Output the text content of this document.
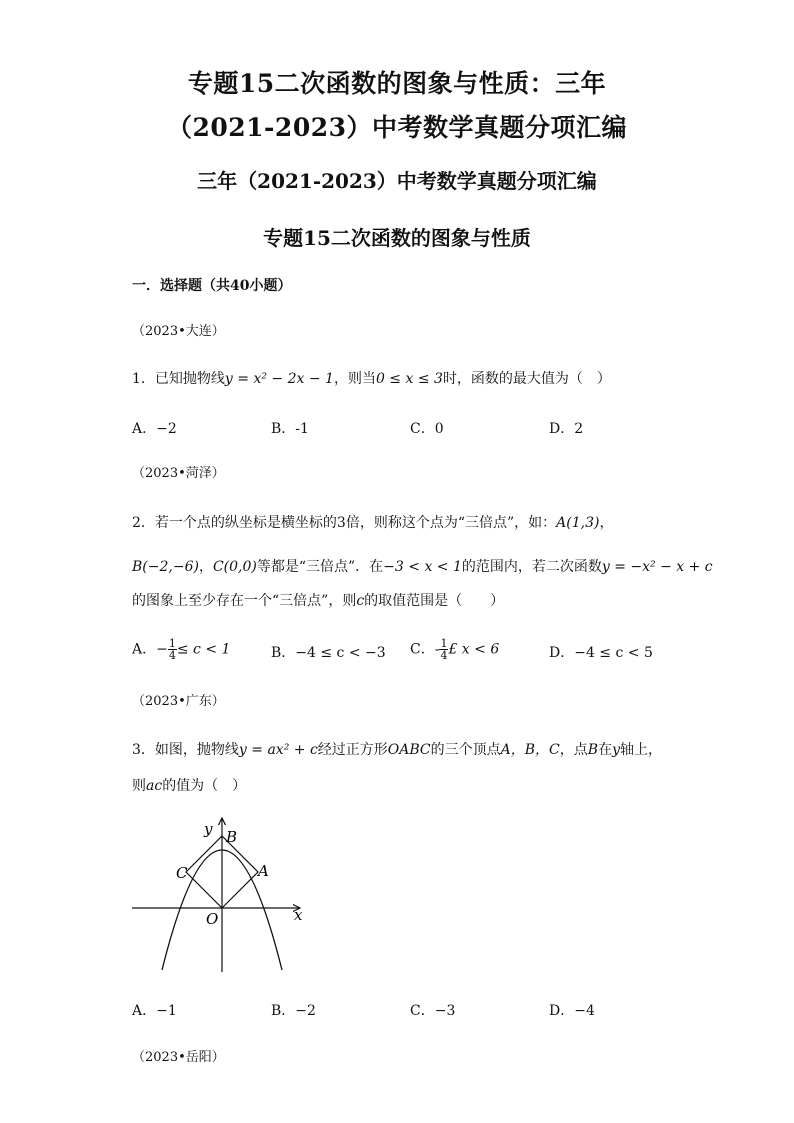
专题15二次函数的图象与性质：三年
（2021-2023）中考数学真题分项汇编
三年（2021-2023）中考数学真题分项汇编
专题15二次函数的图象与性质
一．选择题（共40小题）
（2023•大连）
1．已知抛物线y = x² − 2x − 1，则当0 ≤ x ≤ 3时，函数的最大值为（　）
A．−2	B．-1	C．0	D．2
（2023•菏泽）
2．若一个点的纵坐标是横坐标的3倍，则称这个点为“三倍点”，如：A(1,3)，
B(−2,−6)，C(0,0)等都是“三倍点”．在−3 < x < 1的范围内，若二次函数y = −x² − x + c
的图象上至少存在一个“三倍点”，则c的取值范围是（　　）
A．− $\frac{1}{4} \le c < 1$	B．−4 ≤ c < −3 C．- $\frac{1}{4}$ £ x < 6	D．−4 ≤ c < 5
（2023•广东）
3．如图，抛物线y = ax² + c经过正方形OABC的三个顶点A，B，C，点B在y轴上，
则ac的值为（　）
y
x
B
C	A
O
A．−1	B．−2	C．−3	D．−4
（2023•岳阳）
